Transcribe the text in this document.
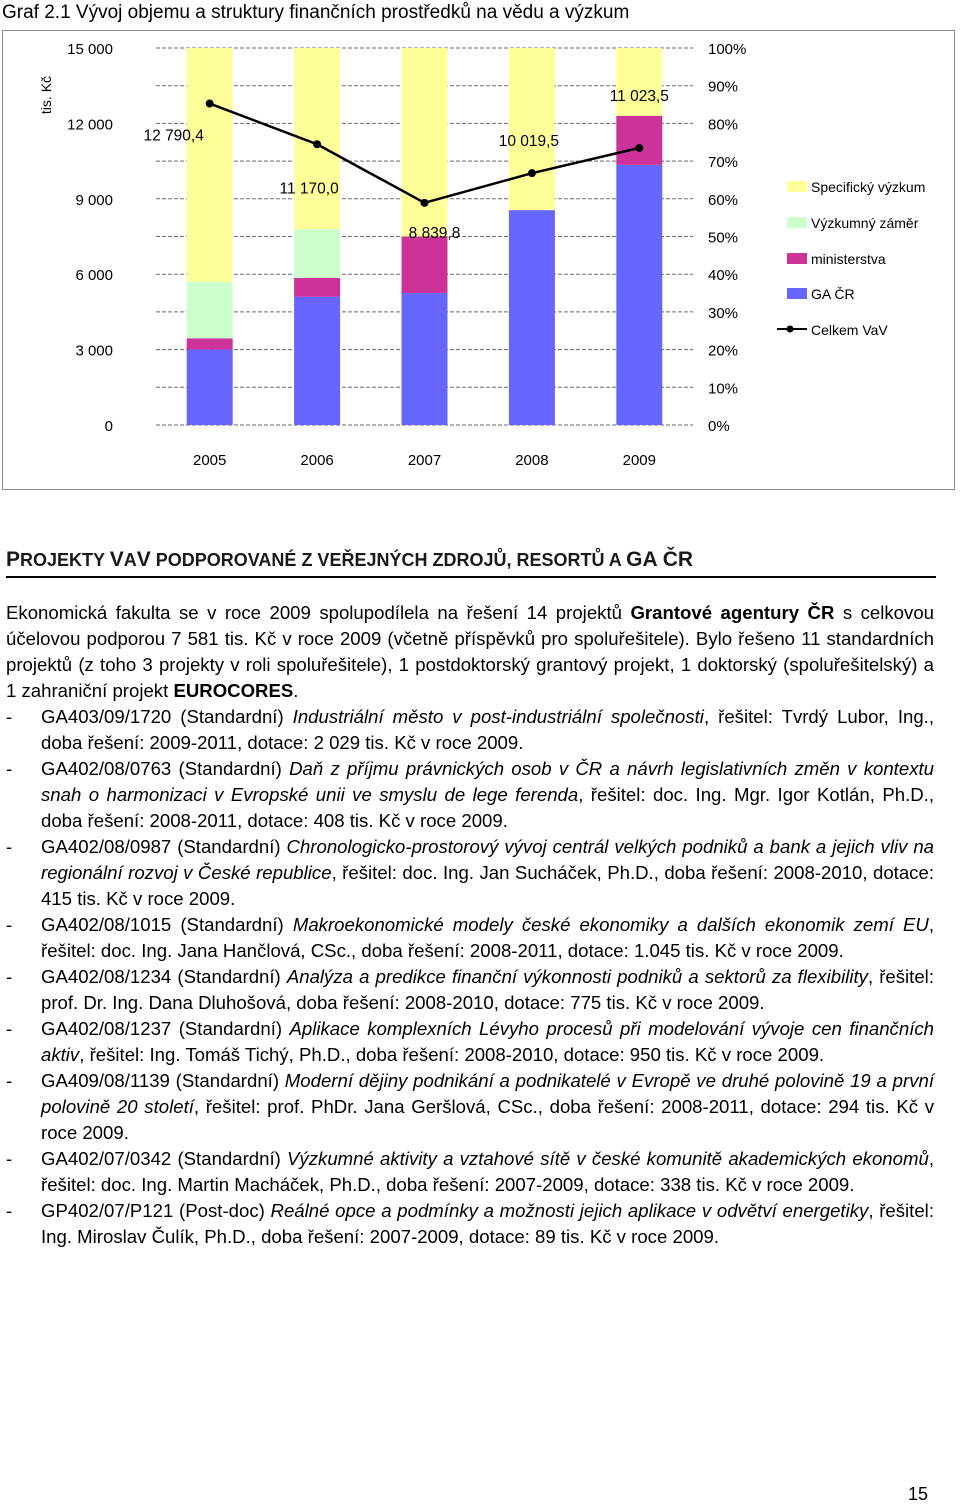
Graf 2.1 Vývoj objemu a struktury finančních prostředků na vědu a výzkum
0
3 000
6 000
9 000
12 000
15 000
0%
10%
20%
30%
40%
50%
60%
70%
80%
90%
100%
tis. Kč
2005	2006	2007	2008	2009
12 790,4
11 170,0
8 839,8
10 019,5
11 023,5
Specifický výzkum
Výzkumný záměr
ministerstva
GA ČR
Celkem VaV
PROJEKTY VAV PODPOROVANÉ Z VEŘEJNÝCH ZDROJŮ, RESORTŮ A GA ČR

Ekonomická fakulta se v roce 2009 spolupodílela na řešení 14 projektů Grantové agentury ČR s celkovou účelovou podporou 7 581 tis. Kč v roce 2009 (včetně příspěvků pro spoluřešitele). Bylo řešeno 11 standardních projektů (z toho 3 projekty v roli spoluřešitele), 1 postdoktorský grantový projekt, 1 doktorský (spoluřešitelský) a 1 zahraniční projekt EUROCORES.

- GA403/09/1720 (Standardní) Industriální město v post-industriální společnosti, řešitel: Tvrdý Lubor, Ing., doba řešení: 2009-2011, dotace: 2 029 tis. Kč v roce 2009.
- GA402/08/0763 (Standardní) Daň z příjmu právnických osob v ČR a návrh legislativních změn v kontextu snah o harmonizaci v Evropské unii ve smyslu de lege ferenda, řešitel: doc. Ing. Mgr. Igor Kotlán, Ph.D., doba řešení: 2008-2011, dotace: 408 tis. Kč v roce 2009.
- GA402/08/0987 (Standardní) Chronologicko-prostorový vývoj centrál velkých podniků a bank a jejich vliv na regionální rozvoj v České republice, řešitel: doc. Ing. Jan Sucháček, Ph.D., doba řešení: 2008-2010, dotace: 415 tis. Kč v roce 2009.
- GA402/08/1015 (Standardní) Makroekonomické modely české ekonomiky a dalších ekonomik zemí EU, řešitel: doc. Ing. Jana Hančlová, CSc., doba řešení: 2008-2011, dotace: 1.045 tis. Kč v roce 2009.
- GA402/08/1234 (Standardní) Analýza a predikce finanční výkonnosti podniků a sektorů za flexibility, řešitel: prof. Dr. Ing. Dana Dluhošová, doba řešení: 2008-2010, dotace: 775 tis. Kč v roce 2009.
- GA402/08/1237 (Standardní) Aplikace komplexních Lévyho procesů při modelování vývoje cen finančních aktiv, řešitel: Ing. Tomáš Tichý, Ph.D., doba řešení: 2008-2010, dotace: 950 tis. Kč v roce 2009.
- GA409/08/1139 (Standardní) Moderní dějiny podnikání a podnikatelé v Evropě ve druhé polovině 19 a první polovině 20 století, řešitel: prof. PhDr. Jana Geršlová, CSc., doba řešení: 2008-2011, dotace: 294 tis. Kč v roce 2009.
- GA402/07/0342 (Standardní) Výzkumné aktivity a vztahové sítě v české komunitě akademických ekonomů, řešitel: doc. Ing. Martin Macháček, Ph.D., doba řešení: 2007-2009, dotace: 338 tis. Kč v roce 2009.
- GP402/07/P121 (Post-doc) Reálné opce a podmínky a možnosti jejich aplikace v odvětví energetiky, řešitel: Ing. Miroslav Čulík, Ph.D., doba řešení: 2007-2009, dotace: 89 tis. Kč v roce 2009.
15
